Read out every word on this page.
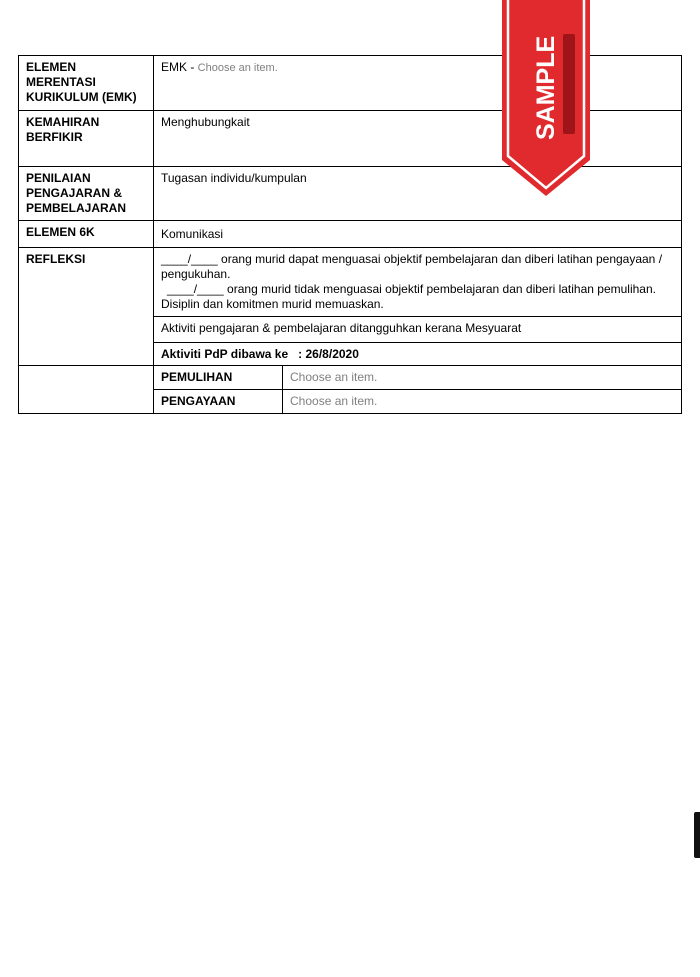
ELEMEN MERENTASI KURIKULUM (EMK)	EMK - Choose an item.	
KEMAHIRAN BERFIKIR	Menghubungkait	
PENILAIAN PENGAJARAN & PEMBELAJARAN	Tugasan individu/kumpulan	
ELEMEN 6K	Komunikasi	
REFLEKSI	____/____ orang murid dapat menguasai objektif pembelajaran dan diberi latihan pengayaan / pengukuhan.
____/____ orang murid tidak menguasai objektif pembelajaran dan diberi latihan pemulihan. Disiplin dan komitmen murid memuaskan.	

	Aktiviti pengajaran & pembelajaran ditangguhkan kerana Mesyuarat	
	Aktiviti PdP dibawa ke : 26/8/2020	
	PEMULIHAN	Choose an item.
	PENGAYAAN	Choose an item.
SAMPLE
